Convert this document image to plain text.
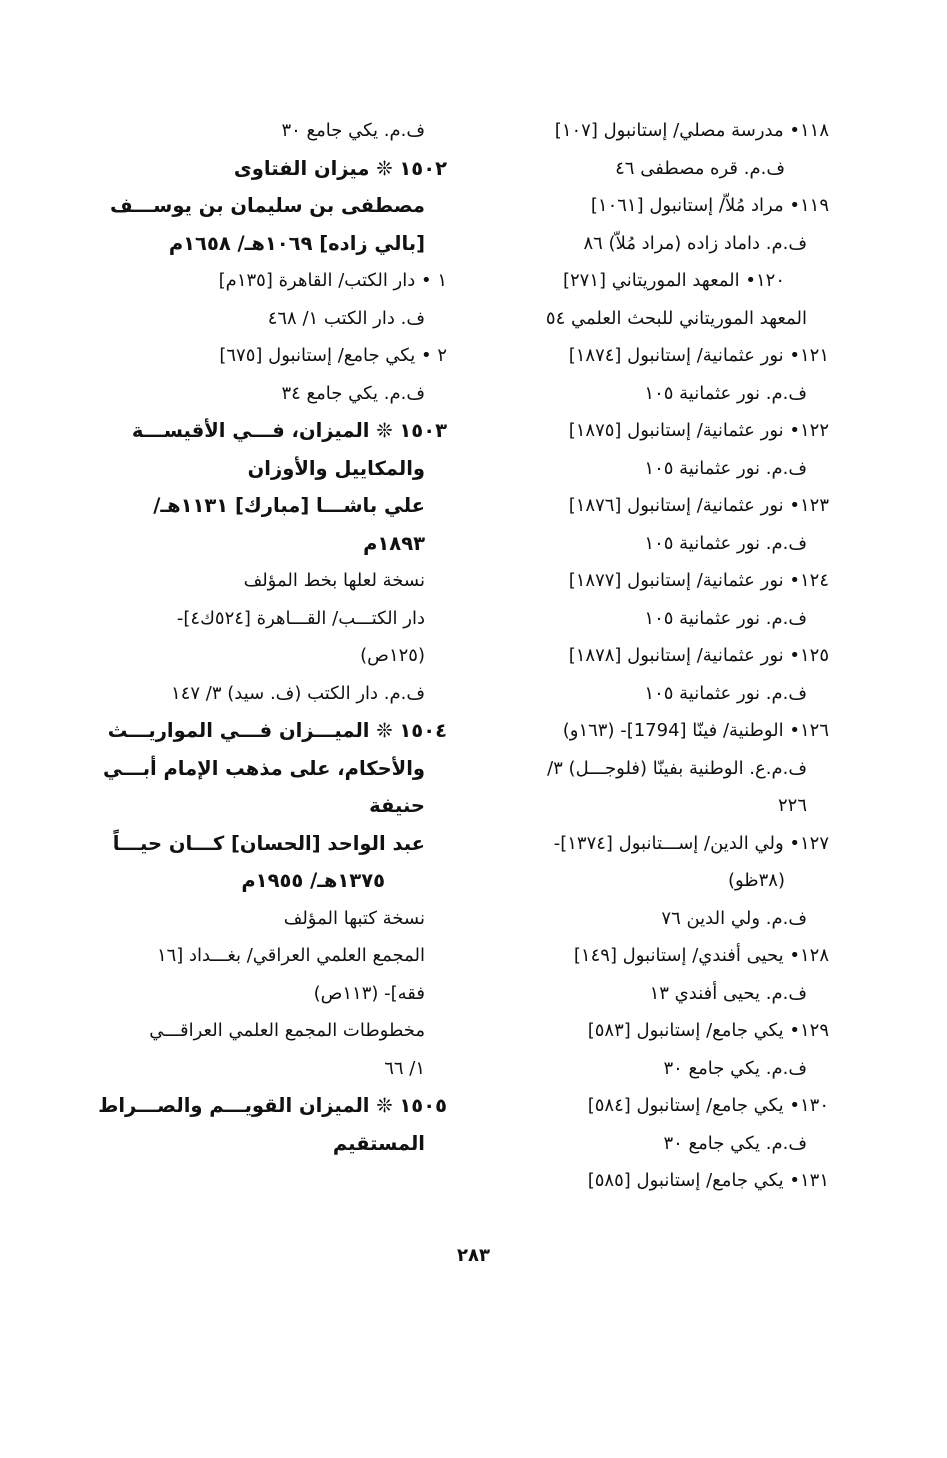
١١٨• مدرسة مصلي/ إستانبول [١٠٧]
ف.م. قره مصطفى ٤٦
١١٩• مراد مُلاّ/ إستانبول [١٠٦١]
ف.م. داماد زاده (مراد مُلاّ) ٨٦
١٢٠• المعهد الموريتاني [٢٧١]
المعهد الموريتاني للبحث العلمي ٥٤
١٢١• نور عثمانية/ إستانبول [١٨٧٤]
ف.م. نور عثمانية ١٠٥
١٢٢• نور عثمانية/ إستانبول [١٨٧٥]
ف.م. نور عثمانية ١٠٥
١٢٣• نور عثمانية/ إستانبول [١٨٧٦]
ف.م. نور عثمانية ١٠٥
١٢٤• نور عثمانية/ إستانبول [١٨٧٧]
ف.م. نور عثمانية ١٠٥
١٢٥• نور عثمانية/ إستانبول [١٨٧٨]
ف.م. نور عثمانية ١٠٥
١٢٦• الوطنية/ فينّا [1794]- (١٦٣و)
ف.م.ع. الوطنية بفينّا (فلوجـــل) ٣/
٢٢٦
١٢٧• ولي الدين/ إســـتانبول [١٣٧٤]-
(٣٨ظو)
ف.م. ولي الدين ٧٦
١٢٨• يحيى أفندي/ إستانبول [١٤٩]
ف.م. يحيى أفندي ١٣
١٢٩• يكي جامع/ إستانبول [٥٨٣]
ف.م. يكي جامع ٣٠
١٣٠• يكي جامع/ إستانبول [٥٨٤]
ف.م. يكي جامع ٣٠
١٣١• يكي جامع/ إستانبول [٥٨٥]
ف.م. يكي جامع ٣٠
١٥٠٢ ❊ ميزان الفتاوى
مصطفى بن سليمان بن يوســـف
[بالي زاده] ١٠٦٩هـ/ ١٦٥٨م
١ • دار الكتب/ القاهرة [١٣٥م]
ف. دار الكتب ١/ ٤٦٨
٢ • يكي جامع/ إستانبول [٦٧٥]
ف.م. يكي جامع ٣٤
١٥٠٣ ❊ الميزان، فـــي الأقيســـة
والمكاييل والأوزان
علي باشـــا [مبارك] ١١٣١هـ/
١٨٩٣م
نسخة لعلها بخط المؤلف
دار الكتـــب/ القـــاهرة [٥٢٤ك٤]-
(١٢٥ص)
ف.م. دار الكتب (ف. سيد) ٣/ ١٤٧
١٥٠٤ ❊ الميـــزان فـــي المواريـــث
والأحكام، على مذهب الإمام أبـــي
حنيفة
عبد الواحد [الحسان] كـــان حيـــاً
١٣٧٥هـ/ ١٩٥٥م
نسخة كتبها المؤلف
المجمع العلمي العراقي/ بغـــداد [١٦
فقه]- (١١٣ص)
مخطوطات المجمع العلمي العراقـــي
١/ ٦٦
١٥٠٥ ❊ الميزان القويـــم والصـــراط
المستقيم
٢٨٣
